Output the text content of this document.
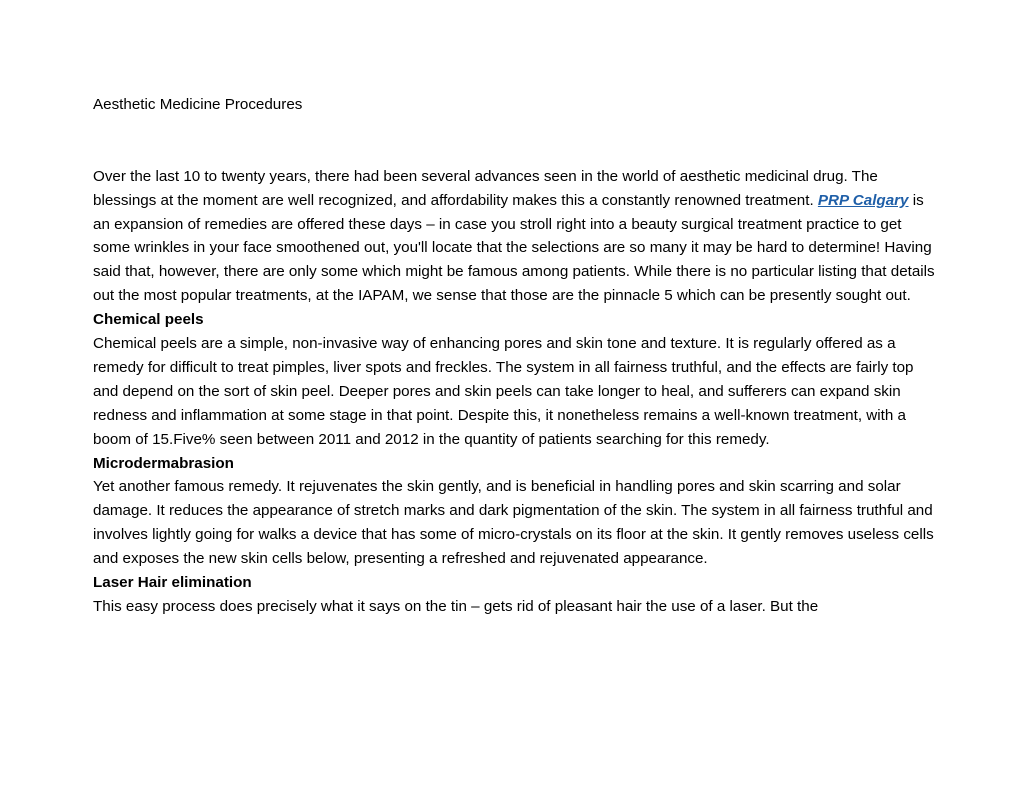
Aesthetic Medicine Procedures

Over the last 10 to twenty years, there had been several advances seen in the world of aesthetic medicinal drug. The blessings at the moment are well recognized, and affordability makes this a constantly renowned treatment. PRP Calgary is an expansion of remedies are offered these days – in case you stroll right into a beauty surgical treatment practice to get some wrinkles in your face smoothened out, you'll locate that the selections are so many it may be hard to determine! Having said that, however, there are only some which might be famous among patients. While there is no particular listing that details out the most popular treatments, at the IAPAM, we sense that those are the pinnacle 5 which can be presently sought out.

Chemical peels

Chemical peels are a simple, non-invasive way of enhancing pores and skin tone and texture. It is regularly offered as a remedy for difficult to treat pimples, liver spots and freckles. The system in all fairness truthful, and the effects are fairly top and depend on the sort of skin peel. Deeper pores and skin peels can take longer to heal, and sufferers can expand skin redness and inflammation at some stage in that point. Despite this, it nonetheless remains a well-known treatment, with a boom of 15.Five% seen between 2011 and 2012 in the quantity of patients searching for this remedy.

Microdermabrasion

Yet another famous remedy. It rejuvenates the skin gently, and is beneficial in handling pores and skin scarring and solar damage. It reduces the appearance of stretch marks and dark pigmentation of the skin. The system in all fairness truthful and involves lightly going for walks a device that has some of micro-crystals on its floor at the skin. It gently removes useless cells and exposes the new skin cells below, presenting a refreshed and rejuvenated appearance.

Laser Hair elimination

This easy process does precisely what it says on the tin – gets rid of pleasant hair the use of a laser. But the
